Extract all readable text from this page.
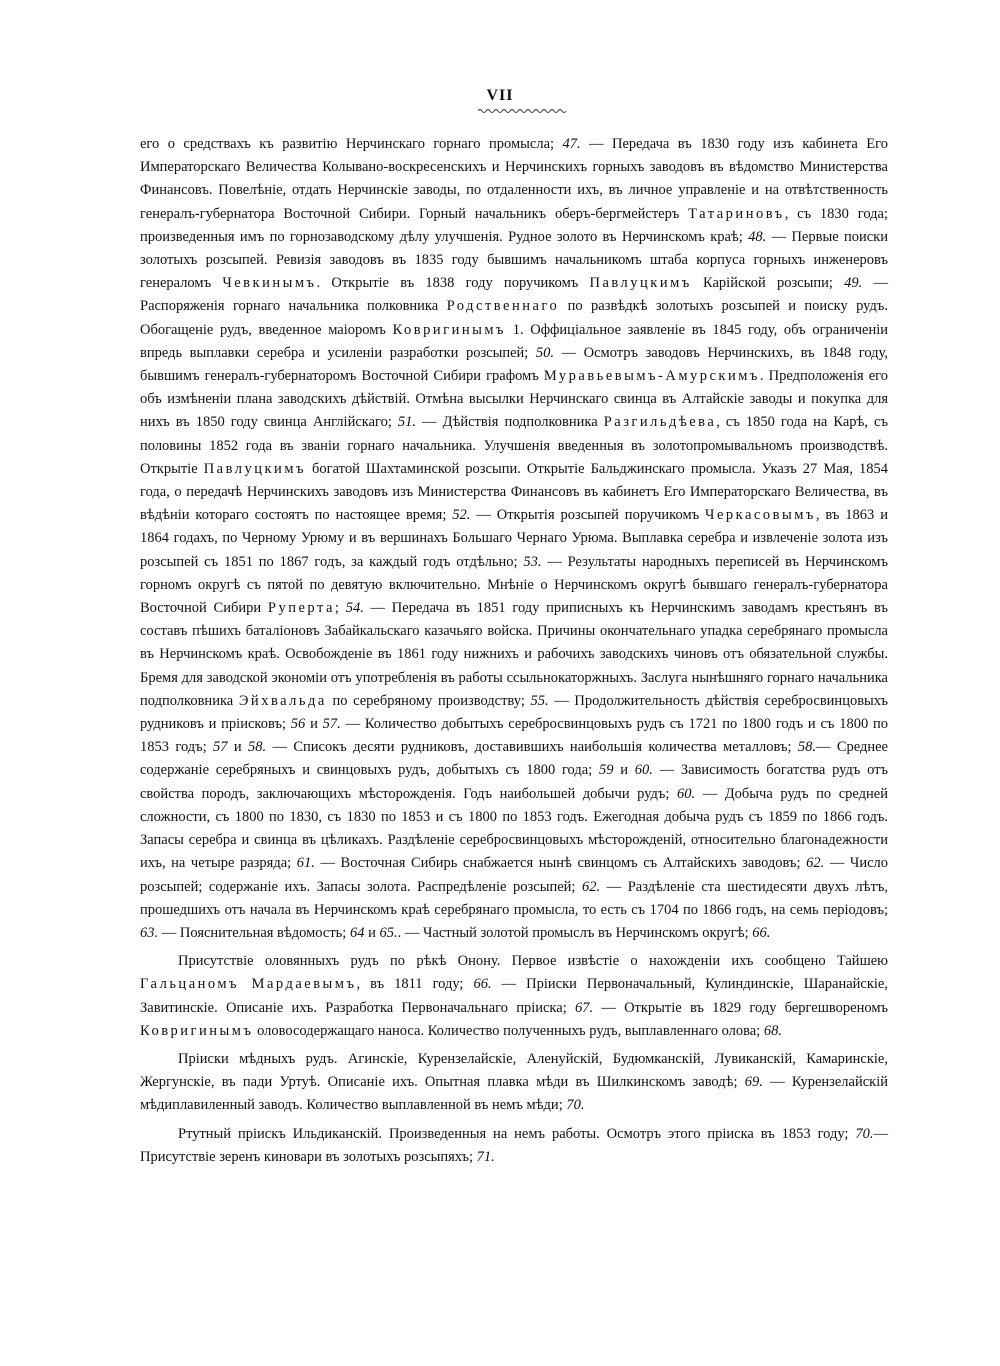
VII

его о средствахъ къ развитію Нерчинскаго горнаго промысла; 47. — Передача въ 1830 году изъ кабинета Его Императорскаго Величества Колывано-воскресенскихъ и Нерчинскихъ горныхъ заводовъ въ вѣдомство Министерства Финансовъ. Повелѣніе, отдать Нерчинскіе заводы, по отдаленности ихъ, въ личное управленіе и на отвѣтственность генералъ-губернатора Восточной Сибири. Горный начальникъ оберъ-бергмейстеръ Татариновъ, съ 1830 года; произведенныя имъ по горнозаводскому дѣлу улучшенія. Рудное золото въ Нерчинскомъ краѣ; 48. — Первые поиски золотыхъ розсыпей. Ревизія заводовъ въ 1835 году бывшимъ начальникомъ штаба корпуса горныхъ инженеровъ генераломъ Чевкинымъ. Открытіе въ 1838 году поручикомъ Павлуцкимъ Карійской розсыпи; 49. — Распоряженія горнаго начальника полковника Родственнаго по развѣдкѣ золотыхъ розсыпей и поиску рудъ. Обогащеніе рудъ, введенное маіоромъ Ковригинымъ 1. Оффиціальное заявленіе въ 1845 году, объ ограниченіи впредь выплавки серебра и усиленіи разработки розсыпей; 50. — Осмотръ заводовъ Нерчинскихъ, въ 1848 году, бывшимъ генералъ-губернаторомъ Восточной Сибири графомъ Муравьевымъ-Амурскимъ. Предположенія его объ измѣненіи плана заводскихъ дѣйствій. Отмѣна высылки Нерчинскаго свинца въ Алтайскіе заводы и покупка для нихъ въ 1850 году свинца Англійскаго; 51. — Дѣйствія подполковника Разгильдѣева, съ 1850 года на Карѣ, съ половины 1852 года въ званіи горнаго начальника. Улучшенія введенныя въ золотопромывальномъ производствѣ. Открытіе Павлуцкимъ богатой Шахтаминской розсыпи. Открытіе Бальджинскаго промысла. Указъ 27 Мая, 1854 года, о передачѣ Нерчинскихъ заводовъ изъ Министерства Финансовъ въ кабинетъ Его Императорскаго Величества, въ вѣдѣніи котораго состоятъ по настоящее время; 52. — Открытія розсыпей поручикомъ Черкасовымъ, въ 1863 и 1864 годахъ, по Черному Урюму и въ вершинахъ Большаго Чернаго Урюма. Выплавка серебра и извлеченіе золота изъ розсыпей съ 1851 по 1867 годъ, за каждый годъ отдѣльно; 53. — Результаты народныхъ переписей въ Нерчинскомъ горномъ округѣ съ пятой по девятую включительно. Мнѣніе о Нерчинскомъ округѣ бывшаго генералъ-губернатора Восточной Сибири Руперта; 54. — Передача въ 1851 году приписныхъ къ Нерчинскимъ заводамъ крестьянъ въ составъ пѣшихъ баталіоновъ Забайкальскаго казачьяго войска. Причины окончательнаго упадка серебрянаго промысла въ Нерчинскомъ краѣ. Освобожденіе въ 1861 году нижнихъ и рабочихъ заводскихъ чиновъ отъ обязательной службы. Бремя для заводской экономіи отъ употребленія въ работы ссыльнокаторжныхъ. Заслуга нынѣшняго горнаго начальника подполковника Эйхвальда по серебряному производству; 55. — Продолжительность дѣйствія серебросвинцовыхъ рудниковъ и пріисковъ; 56 и 57. — Количество добытыхъ серебросвинцовыхъ рудъ съ 1721 по 1800 годъ и съ 1800 по 1853 годъ; 57 и 58. — Списокъ десяти рудниковъ, доставившихъ наибольшія количества металловъ; 58.— Среднее содержаніе серебряныхъ и свинцовыхъ рудъ, добытыхъ съ 1800 года; 59 и 60. — Зависимость богатства рудъ отъ свойства породъ, заключающихъ мѣсторожденія. Годъ наибольшей добычи рудъ; 60. — Добыча рудъ по средней сложности, съ 1800 по 1830, съ 1830 по 1853 и съ 1800 по 1853 годъ. Ежегодная добыча рудъ съ 1859 по 1866 годъ. Запасы серебра и свинца въ цѣликахъ. Раздѣленіе серебросвинцовыхъ мѣсторожденій, относительно благонадежности ихъ, на четыре разряда; 61. — Восточная Сибирь снабжается нынѣ свинцомъ съ Алтайскихъ заводовъ; 62. — Число розсыпей; содержаніе ихъ. Запасы золота. Распредѣленіе розсыпей; 62. — Раздѣленіе ста шестидесяти двухъ лѣтъ, прошедшихъ отъ начала въ Нерчинскомъ краѣ серебрянаго промысла, то есть съ 1704 по 1866 годъ, на семь періодовъ; 63. — Пояснительная вѣдомость; 64 и 65.. — Частный золотой промыслъ въ Нерчинскомъ округѣ; 66.

Присутствіе оловянныхъ рудъ по рѣкѣ Онону. Первое извѣстіе о нахожденіи ихъ сообщено Тайшею Гальцаномъ Мардаевымъ, въ 1811 году; 66. — Пріиски Первоначальный, Кулиндинскіе, Шаранайскіе, Завитинскіе. Описаніе ихъ. Разработка Первоначальнаго пріиска; 67. — Открытіе въ 1829 году бергешвореномъ Ковригинымъ оловосодержащаго наноса. Количество полученныхъ рудъ, выплавленнаго олова; 68.

Пріиски мѣдныхъ рудъ. Агинскіе, Курензелайскіе, Аленуйскій, Будюмканскій, Лувиканскій, Камаринскіе, Жергунскіе, въ пади Уртуѣ. Описаніе ихъ. Опытная плавка мѣди въ Шилкинскомъ заводѣ; 69. — Курензелайскій мѣдиплавиленный заводъ. Количество выплавленной въ немъ мѣди; 70.

Ртутный пріискъ Ильдиканскій. Произведенныя на немъ работы. Осмотръ этого пріиска въ 1853 году; 70.— Присутствіе зеренъ киновари въ золотыхъ розсыпяхъ; 71.
